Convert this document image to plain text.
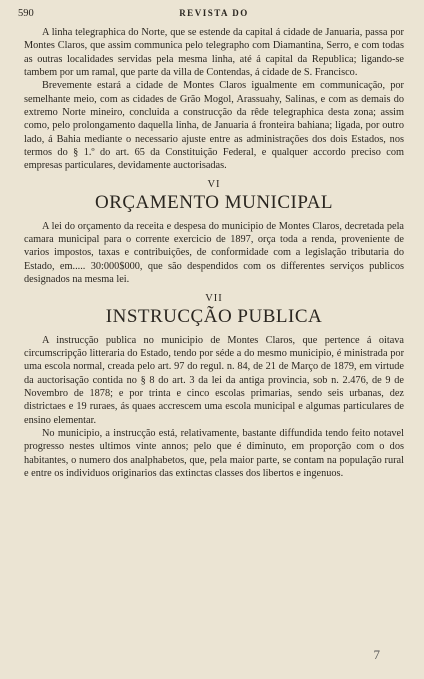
590	REVISTA DO

A linha telegraphica do Norte, que se estende da capital á cidade de Januaria, passa por Montes Claros, que assim communica pelo telegrapho com Diamantina, Serro, e com todas as outras localidades servidas pela mesma linha, até á capital da Republica; ligando-se tambem por um ramal, que parte da villa de Contendas, á cidade de S. Francisco.

Brevemente estará a cidade de Montes Claros igualmente em communicação, por semelhante meio, com as cidades de Grão Mogol, Arassuahy, Salinas, e com as demais do extremo Norte mineiro, concluida a construcção da rêde telegraphica desta zona; assim como, pelo prolongamento daquella linha, de Januaria á fronteira bahiana; ligada, por outro lado, á Bahia mediante o necessario ajuste entre as administrações dos dois Estados, nos termos do § 1.º do art. 65 da Constituição Federal, e qualquer accordo preciso com empresas particulares, devidamente auctorisadas.

VI
ORÇAMENTO MUNICIPAL

A lei do orçamento da receita e despesa do municipio de Montes Claros, decretada pela camara municipal para o corrente exercicio de 1897, orça toda a renda, proveniente de varios impostos, taxas e contribuições, de conformidade com a legislação tributaria do Estado, em..... 30:000$000, que são despendidos com os differentes serviços publicos designados na mesma lei.

VII
INSTRUCÇÃO PUBLICA

A instrucção publica no municipio de Montes Claros, que pertence á oitava circumscripção litteraria do Estado, tendo por séde a do mesmo municipio, é ministrada por uma escola normal, creada pelo art. 97 do regul. n. 84, de 21 de Março de 1879, em virtude da auctorisação contida no § 8 do art. 3 da lei da antiga provincia, sob n. 2.476, de 9 de Novembro de 1878; e por trinta e cinco escolas primarias, sendo seis urbanas, dez districtaes e 19 ruraes, ás quaes accrescem uma escola municipal e algumas particulares de ensino elementar.

No municipio, a instrucção está, relativamente, bastante diffundida tendo feito notavel progresso nestes ultimos vinte annos; pelo que é diminuto, em proporção com o dos habitantes, o numero dos analphabetos, que, pela maior parte, se contam na população rural e entre os individuos originarios das extinctas classes dos libertos e ingenuos.

7
